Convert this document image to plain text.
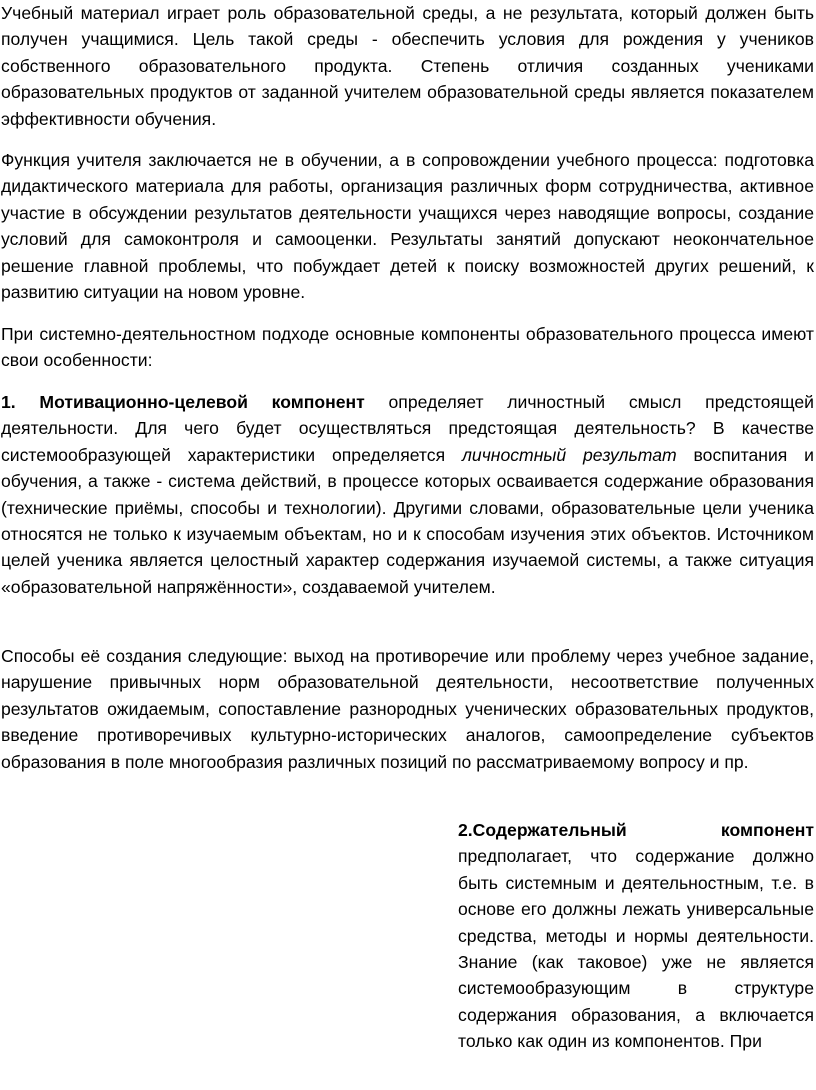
Учебный материал играет роль образовательной среды, а не результата, который должен быть получен учащимися. Цель такой среды - обеспечить условия для рождения у учеников собственного образовательного продукта. Степень отличия созданных учениками образовательных продуктов от заданной учителем образовательной среды является показателем эффективности обучения.

Функция учителя заключается не в обучении, а в сопровождении учебного процесса: подготовка дидактического материала для работы, организация различных форм сотрудничества, активное участие в обсуждении результатов деятельности учащихся через наводящие вопросы, создание условий для самоконтроля и самооценки. Результаты занятий допускают неокончательное решение главной проблемы, что побуждает детей к поиску возможностей других решений, к развитию ситуации на новом уровне.

При системно-деятельностном подходе основные компоненты образовательного процесса имеют свои особенности:

1. Мотивационно-целевой компонент определяет личностный смысл предстоящей деятельности. Для чего будет осуществляться предстоящая деятельность? В качестве системообразующей характеристики определяется личностный результат воспитания и обучения, а также - система действий, в процессе которых осваивается содержание образования (технические приёмы, способы и технологии). Другими словами, образовательные цели ученика относятся не только к изучаемым объектам, но и к способам изучения этих объектов. Источником целей ученика является целостный характер содержания изучаемой системы, а также ситуация «образовательной напряжённости», создаваемой учителем.

Способы её создания следующие: выход на противоречие или проблему через учебное задание, нарушение привычных норм образовательной деятельности, несоответствие полученных результатов ожидаемым, сопоставление разнородных ученических образовательных продуктов, введение противоречивых культурно-исторических аналогов, самоопределение субъектов образования в поле многообразия различных позиций по рассматриваемому вопросу и пр.

2.Содержательный компонент предполагает, что содержание должно быть системным и деятельностным, т.е. в основе его должны лежать универсальные средства, методы и нормы деятельности. Знание (как таковое) уже не является системообразующим в структуре содержания образования, а включается только как один из компонентов. При
